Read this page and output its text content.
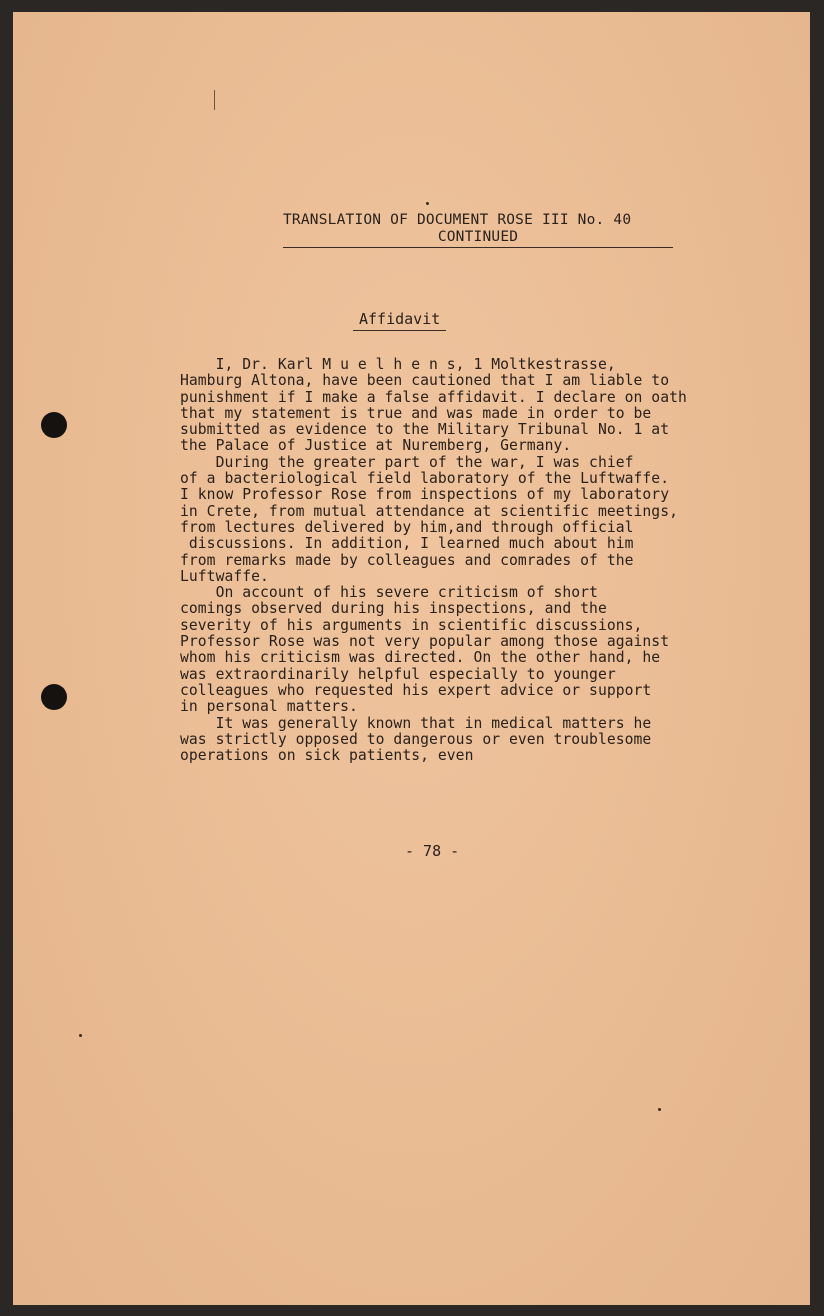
TRANSLATION OF DOCUMENT ROSE III No. 40
CONTINUED
Affidavit
I, Dr. Karl M u e l h e n s, 1 Moltkestrasse,
Hamburg Altona, have been cautioned that I am liable to
punishment if I make a false affidavit. I declare on oath
that my statement is true and was made in order to be
submitted as evidence to the Military Tribunal No. 1 at
the Palace of Justice at Nuremberg, Germany.
During the greater part of the war, I was chief
of a bacteriological field laboratory of the Luftwaffe.
I know Professor Rose from inspections of my laboratory
in Crete, from mutual attendance at scientific meetings,
from lectures delivered by him,and through official
discussions. In addition, I learned much about him
from remarks made by colleagues and comrades of the
Luftwaffe.
On account of his severe criticism of short
comings observed during his inspections, and the
severity of his arguments in scientific discussions,
Professor Rose was not very popular among those against
whom his criticism was directed. On the other hand, he
was extraordinarily helpful especially to younger
colleagues who requested his expert advice or support
in personal matters.
It was generally known that in medical matters he
was strictly opposed to dangerous or even troublesome
operations on sick patients, even
- 78 -
